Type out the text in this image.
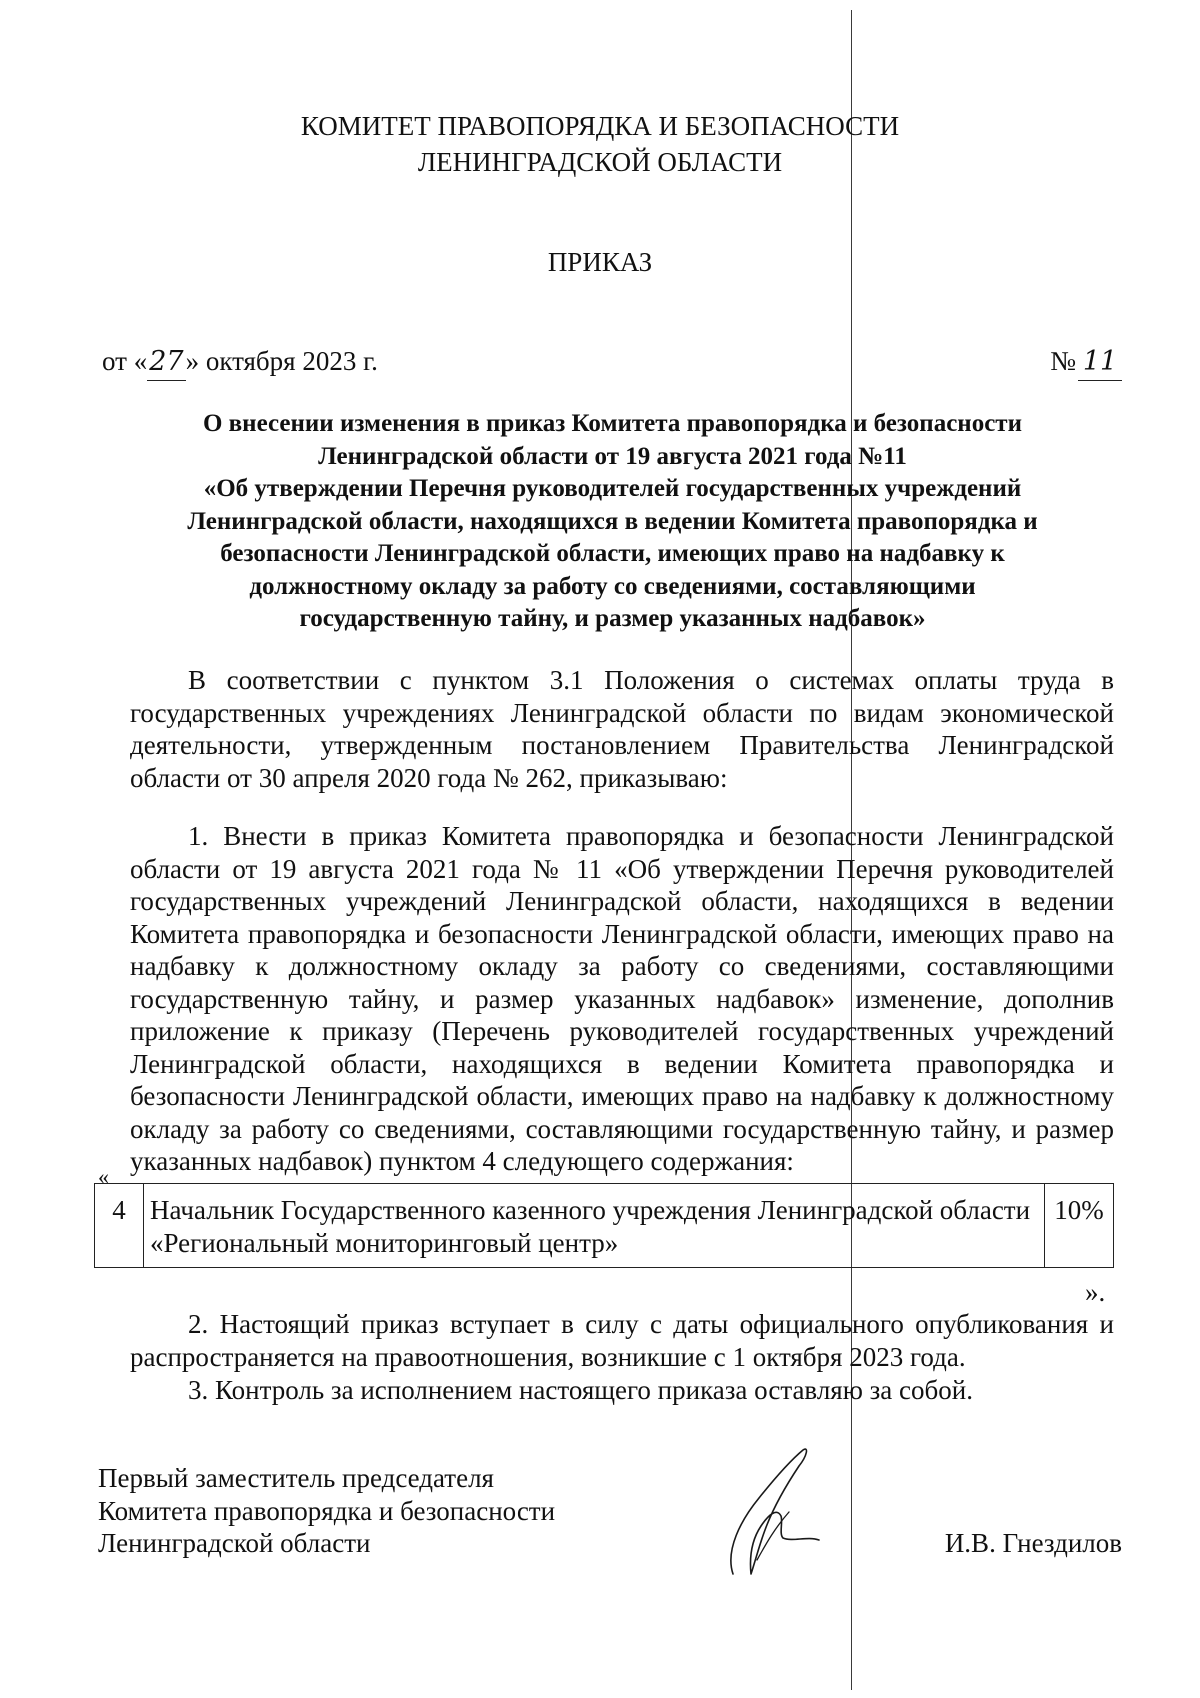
КОМИТЕТ ПРАВОПОРЯДКА И БЕЗОПАСНОСТИ
ЛЕНИНГРАДСКОЙ ОБЛАСТИ
ПРИКАЗ
от «27» октября 2023 г.	№ 11
О внесении изменения в приказ Комитета правопорядка и безопасности
Ленинградской области от 19 августа 2021 года №11
«Об утверждении Перечня руководителей государственных учреждений
Ленинградской области, находящихся в ведении Комитета правопорядка и
безопасности Ленинградской области, имеющих право на надбавку к
должностному окладу за работу со сведениями, составляющими
государственную тайну, и размер указанных надбавок»
В соответствии с пунктом 3.1 Положения о системах оплаты труда в государственных учреждениях Ленинградской области по видам экономической деятельности, утвержденным постановлением Правительства Ленинградской области от 30 апреля 2020 года № 262, приказываю:
1. Внести в приказ Комитета правопорядка и безопасности Ленинградской области от 19 августа 2021 года № 11 «Об утверждении Перечня руководителей государственных учреждений Ленинградской области, находящихся в ведении Комитета правопорядка и безопасности Ленинградской области, имеющих право на надбавку к должностному окладу за работу со сведениями, составляющими государственную тайну, и размер указанных надбавок» изменение, дополнив приложение к приказу (Перечень руководителей государственных учреждений Ленинградской области, находящихся в ведении Комитета правопорядка и безопасности Ленинградской области, имеющих право на надбавку к должностному окладу за работу со сведениями, составляющими государственную тайну, и размер указанных надбавок) пунктом 4 следующего содержания:
«
4	Начальник Государственного казенного учреждения Ленинградской области «Региональный мониторинговый центр»	10%
».
2. Настоящий приказ вступает в силу с даты официального опубликования и распространяется на правоотношения, возникшие с 1 октября 2023 года.
3. Контроль за исполнением настоящего приказа оставляю за собой.
Первый заместитель председателя
Комитета правопорядка и безопасности
Ленинградской области	И.В. Гнездилов
